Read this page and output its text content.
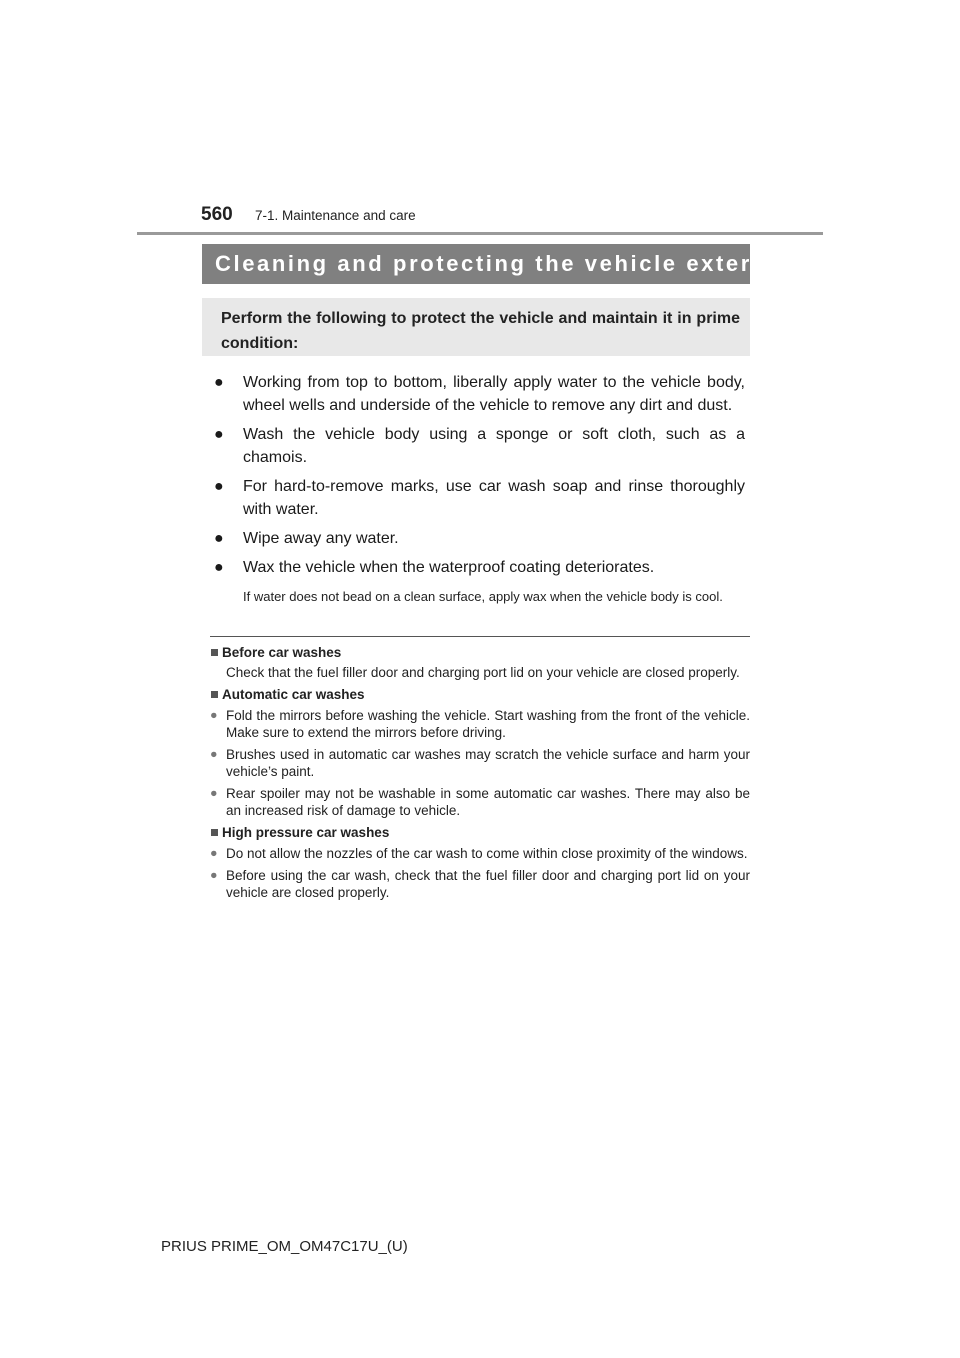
560 7-1. Maintenance and care
Cleaning and protecting the vehicle exterior
Perform the following to protect the vehicle and maintain it in prime condition:
● Working from top to bottom, liberally apply water to the vehicle body, wheel wells and underside of the vehicle to remove any dirt and dust.
● Wash the vehicle body using a sponge or soft cloth, such as a chamois.
● For hard-to-remove marks, use car wash soap and rinse thoroughly with water.
● Wipe away any water.
● Wax the vehicle when the waterproof coating deteriorates.
If water does not bead on a clean surface, apply wax when the vehicle body is cool.
Before car washes
Check that the fuel filler door and charging port lid on your vehicle are closed properly.
Automatic car washes
● Fold the mirrors before washing the vehicle. Start washing from the front of the vehicle. Make sure to extend the mirrors before driving.
● Brushes used in automatic car washes may scratch the vehicle surface and harm your vehicle’s paint.
● Rear spoiler may not be washable in some automatic car washes. There may also be an increased risk of damage to vehicle.
High pressure car washes
● Do not allow the nozzles of the car wash to come within close proximity of the windows.
● Before using the car wash, check that the fuel filler door and charging port lid on your vehicle are closed properly.
PRIUS PRIME_OM_OM47C17U_(U)
